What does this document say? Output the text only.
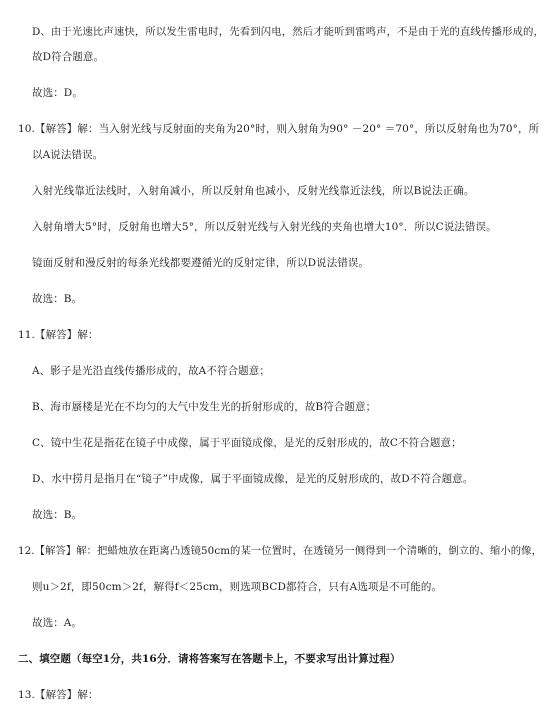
D、由于光速比声速快，所以发生雷电时，先看到闪电，然后才能听到雷鸣声，不是由于光的直线传播形成的，
故D符合题意。
故选：D。
10.【解答】解：当入射光线与反射面的夹角为20°时，则入射角为90° －20° ＝70°，所以反射角也为70°，所
以A说法错误。
入射光线靠近法线时，入射角减小，所以反射角也减小，反射光线靠近法线，所以B说法正确。
入射角增大5°时，反射角也增大5°，所以反射光线与入射光线的夹角也增大10°．所以C说法错误。
镜面反射和漫反射的每条光线都要遵循光的反射定律，所以D说法错误。
故选：B。
11.【解答】解：
A、影子是光沿直线传播形成的，故A不符合题意；
B、海市蜃楼是光在不均匀的大气中发生光的折射形成的，故B符合题意；
C、镜中生花是指花在镜子中成像，属于平面镜成像，是光的反射形成的，故C不符合题意；
D、水中捞月是指月在“镜子”中成像，属于平面镜成像，是光的反射形成的，故D不符合题意。
故选：B。
12.【解答】解：把蜡烛放在距离凸透镜50cm的某一位置时，在透镜另一侧得到一个清晰的，倒立的、缩小的像，
则u＞2f，即50cm＞2f，解得f＜25cm，则选项BCD都符合，只有A选项是不可能的。
故选：A。
二、填空题（每空1分，共16分．请将答案写在答题卡上，不要求写出计算过程）
13.【解答】解：
